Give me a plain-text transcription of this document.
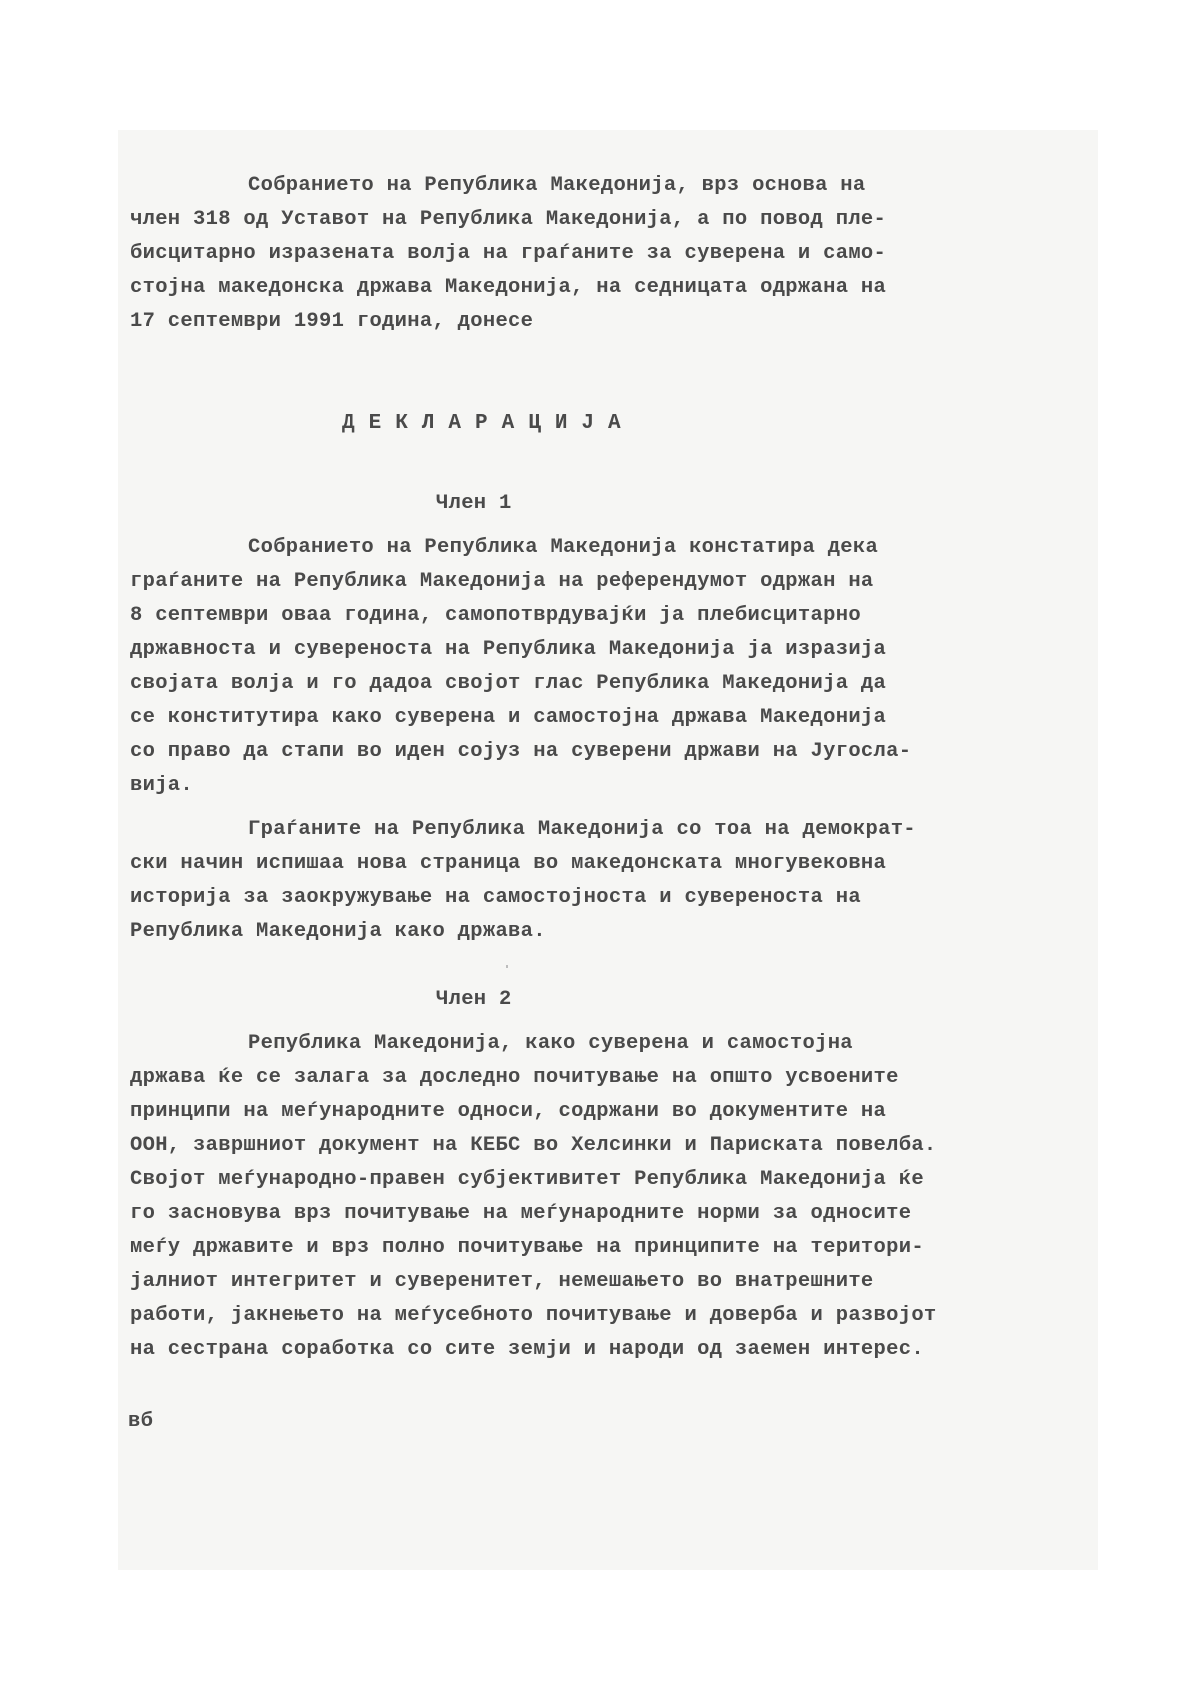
Собранието на Република Македонија, врз основа на
член 318 од Уставот на Република Македонија, а по повод пле-
бисцитарно изразената волја на граѓаните за суверена и само-
стојна македонска држава Македонија, на седницата одржана на
17 септември 1991 година, донесе
ДЕКЛАРАЦИЈА
Член 1
Собранието на Република Македонија констатира дека
граѓаните на Република Македонија на референдумот одржан на
8 септември оваа година, самопотврдувајќи ја плебисцитарно
државноста и сувереноста на Република Македонија ја изразија
својата волја и го дадоа својот глас Република Македонија да
се конститутира како суверена и самостојна држава Македонија
со право да стапи во иден сојуз на суверени држави на Југосла-
вија.
Граѓаните на Република Македонија со тоа на демократ-
ски начин испишаа нова страница во македонската многувековна
историја за заокружување на самостојноста и сувереноста на
Република Македонија како држава.
Член 2
Република Македонија, како суверена и самостојна
држава ќе се залага за доследно почитување на општо усвоените
принципи на меѓународните односи, содржани во документите на
ООН, завршниот документ на КЕБС во Хелсинки и Париската повелба.
Својот меѓународно-правен субјективитет Република Македонија ќе
го засновува врз почитување на меѓународните норми за односите
меѓу државите и врз полно почитување на принципите на територи-
јалниот интегритет и суверенитет, немешањето во внатрешните
работи, јакнењето на меѓусебното почитување и доверба и развојот
на сестрана соработка со сите земји и народи од заемен интерес.
вб
